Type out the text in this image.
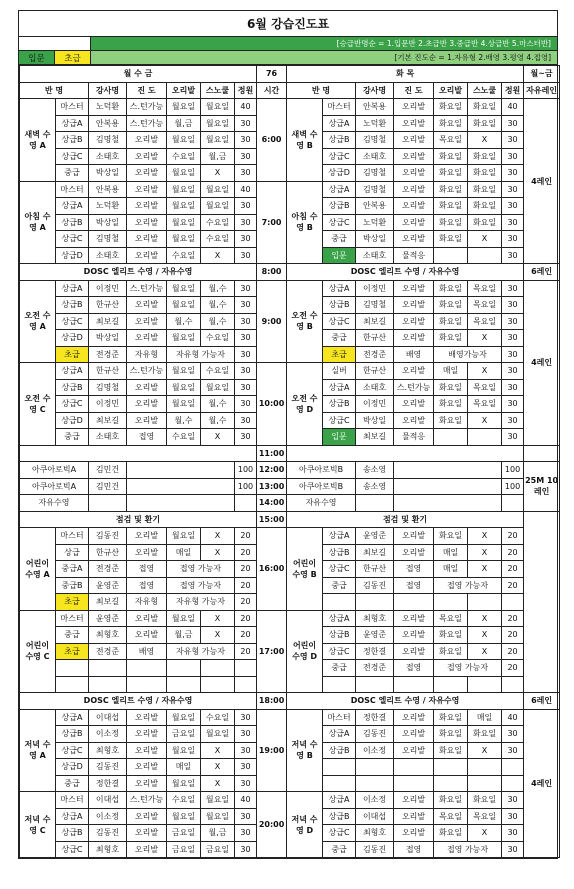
6월 강습진도표
[승급반명순 = 1.입문반 2.초급반 3.중급반 4.상급반 5.마스터반]
입문	초급	[기본 진도순 = 1.자유형 2.배영 3.평영 4.접영]
월 수 금							76	화 목							월~금
반 명		강사명	진 도	오리발	스노쿨	정원	시간	반 명		강사명	진 도	오리발	스노쿨	정원	자유레인
새벽 수영 A	마스터	노덕환	스.턴가능	월요일	월요일	40	6:00	새벽 수영 B	마스터	안복용	오리발	화요일	화요일	40	4레인
	상급A	안복용	스.턴가능	월,금	월요일	30			상급A	노덕환	오리발	화요일	화요일	30	
	상급B	김명철	오리발	월요일	월요일	30			상급B	김명철	오리발	목요일	X	30	
	상급C	소태호	오리발	수요일	월,금	30			상급C	소태호	오리발	화요일	화요일	30	
	중급	박상일	오리발	월요일	X	30			상급D	김명철	오리발	화요일	화요일	30	
아침 수영 A	마스터	안복용	오리발	월요일	월요일	40	7:00	아침 수영 B	상급A	김명철	오리발	화요일	화요일	30	
	상급A	노덕환	오리발	월요일	월요일	30			상급B	안복용	오리발	화요일	화요일	30	
	상급B	박상일	오리발	월요일	수요일	30			상급C	노덕환	오리발	화요일	화요일	30	
	상급C	김명철	오리발	월요일	수요일	30			중급	박상일	오리발	화요일	X	30	
	상급D	소태호	오리발	수요일	X	30			입문	소태호	물적응			30	
DOSC 엘리트 수영 / 자유수영							8:00	DOSC 엘리트 수영 / 자유수영							6레인
오전 수영 A	상급A	이정민	스.턴가능	월요일	월,수	30	9:00	오전 수영 B	상급A	이정민	오리발	화요일	목요일	30	4레인
	상급B	한규산	오리발	월요일	월,수	30			상급B	김명철	오리발	화요일	목요일	30	
	상급C	최보길	오리발	월,수	월,수	30			상급C	최보길	오리발	화요일	목요일	30	
	상급D	박상일	오리발	월요일	수요일	30			중급	한규산	오리발	화요일	X	30	
	초급	전경준	자유형	자유형 가능자		30			초급	전경준	배영	배영가능자		30	
오전 수영 C	상급A	한규산	스.턴가능	월요일	수요일	30	10:00	오전 수영 D	실버	한규산	오리발	매일	X	30	
	상급B	김명철	오리발	월요일	월요일	30			상급A	소태호	스.턴가능	화요일	목요일	30	
	상급C	이정민	오리발	월요일	월,수	30			상급B	이정민	오리발	화요일	목요일	30	
	상급D	최보길	오리발	월,수	월,수	30			상급C	박상일	오리발	화요일	X	30	
	중급	소태호	접영	수요일	X	30			입문	최보길	물적응			30	
							11:00								
아쿠아로빅A		김민건				100	12:00	아쿠아로빅B		송소영				100	25M 10레인
아쿠아로빅A		김민건				100	13:00	아쿠아로빅B		송소영				100	
자유수영							14:00	자유수영							
점검 및 환기							15:00	점검 및 환기							
어린이 수영 A	마스터	김동진	오리발	월요일	X	20	16:00	어린이 수영 B	상급A	윤영준	오리발	화요일	X	20	
	상급	한규산	오리발	매일	X	20			상급B	최보길	오리발	매일	X	20	
	중급A	전경준	접영	접영 가능자		20			상급C	한규산	접영	매일	X	20	
	중급B	윤영준	접영	접영 가능자		20			중급	김동진	접영	접영 가능자		20	
	초급	최보길	자유형	자유형 가능자		20									
어린이 수영 C	마스터	윤영준	오리발	월요일	X	20	17:00	어린이 수영 D	상급A	최형호	오리발	목요일	X	20	
	중급	최형호	오리발	월,금	X	20			상급B	윤영준	오리발	화요일	X	20	
	초급	전경준	배영	자유형 가능자		20			상급C	정한결	오리발	화요일	X	20	
									중급	전경준	접영	접영 가능자		20	

DOSC 엘리트 수영 / 자유수영							18:00	DOSC 엘리트 수영 / 자유수영							6레인
저녁 수영 A	상급A	이대섭	오리발	월요일	수요일	30	19:00	저녁 수영 B	마스터	정한결	오리발	화요일	매일	40	4레인
	상급B	이소정	오리발	금요일	월요일	30			상급A	김동진	오리발	화요일	화요일	30	
	상급C	최형호	오리발	월요일	X	30			상급B	이소정	오리발	화요일	X	30	
	상급D	김동진	오리발	매일	X	30									
	중급	정한결	오리발	월요일	X	30									
저녁 수영 C	마스터	이대섭	스.턴가능	수요일	월요일	40	20:00	저녁 수영 D	상급A	이소정	오리발	화요일	화요일	30	
	상급A	이소정	오리발	월요일	월요일	30			상급B	이대섭	오리발	목요일	목요일	30	
	상급B	김동진	오리발	금요일	월,금	30			상급C	최형호	오리발	화요일	X	30	
	상급C	최형호	오리발	금요일	금요일	30			중급	김동진	접영	접영 가능자		30	
